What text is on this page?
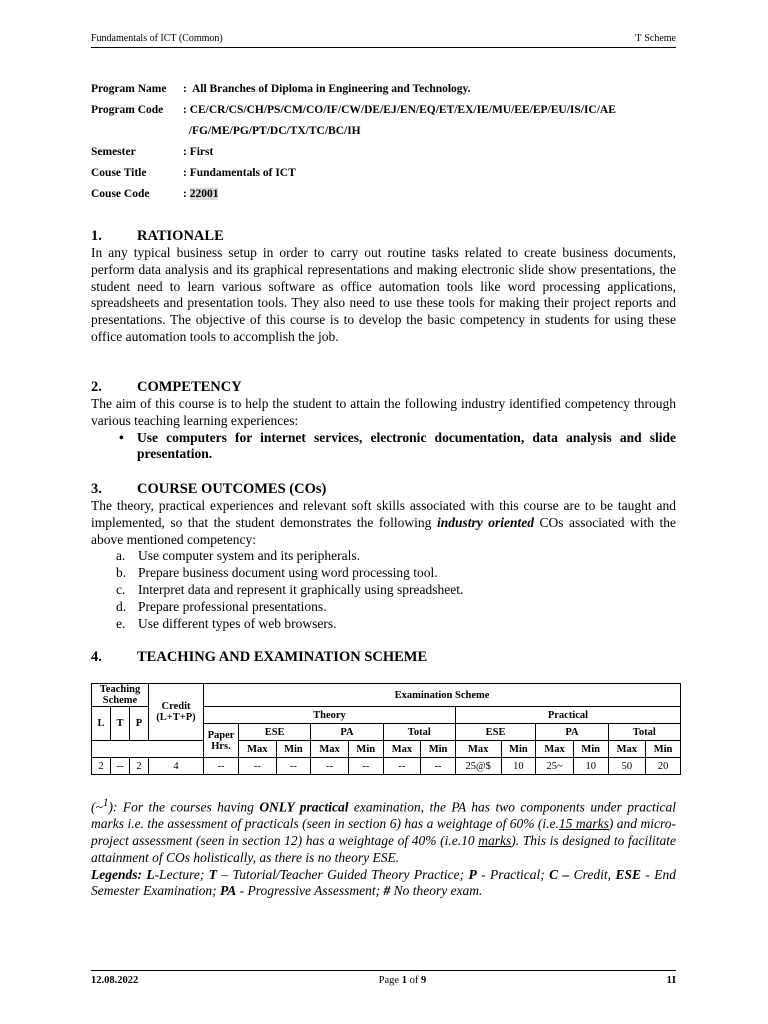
Fundamentals of ICT (Common)	'I' Scheme
Program Name	:  All Branches of Diploma in Engineering and Technology.
Program Code	: CE/CR/CS/CH/PS/CM/CO/IF/CW/DE/EJ/EN/EQ/ET/EX/IE/MU/EE/EP/EU/IS/IC/AE
/FG/ME/PG/PT/DC/TX/TC/BC/IH
Semester	: First
Couse Title	: Fundamentals of ICT
Couse Code	: 22001
1. RATIONALE
In any typical business setup in order to carry out routine tasks related to create business documents, perform data analysis and its graphical representations and making electronic slide show presentations, the student need to learn various software as office automation tools like word processing applications, spreadsheets and presentation tools. They also need to use these tools for making their project reports and presentations. The objective of this course is to develop the basic competency in students for using these office automation tools to accomplish the job.
2. COMPETENCY
The aim of this course is to help the student to attain the following industry identified competency through various teaching learning experiences:
• Use computers for internet services, electronic documentation, data analysis and slide presentation.
3. COURSE OUTCOMES (COs)
The theory, practical experiences and relevant soft skills associated with this course are to be taught and implemented, so that the student demonstrates the following industry oriented COs associated with the above mentioned competency:
a. Use computer system and its peripherals.
b. Prepare business document using word processing tool.
c. Interpret data and represent it graphically using spreadsheet.
d. Prepare professional presentations.
e. Use different types of web browsers.
4. TEACHING AND EXAMINATION SCHEME
Teaching Scheme			Credit (L+T+P)	Examination Scheme												
L	T	P		Theory							Practical					
				Paper Hrs.	ESE		PA		Total		ESE		PA		Total	
					Max	Min	Max	Min	Max	Min	Max	Min	Max	Min	Max	Min
2	--	2	4	--	--	--	--	--	--	--	25@$	10	25~	10	50	20
(~$^1$): For the courses having ONLY practical examination, the PA has two components under practical marks i.e. the assessment of practicals (seen in section 6) has a weightage of 60% (i.e.15 marks) and micro-project assessment (seen in section 12) has a weightage of 40% (i.e.10 marks). This is designed to facilitate attainment of COs holistically, as there is no theory ESE.
Legends: L-Lecture; T – Tutorial/Teacher Guided Theory Practice; P - Practical; C – Credit, ESE - End Semester Examination; PA - Progressive Assessment; # No theory exam.
12.08.2022	Page 1 of 9	1I
